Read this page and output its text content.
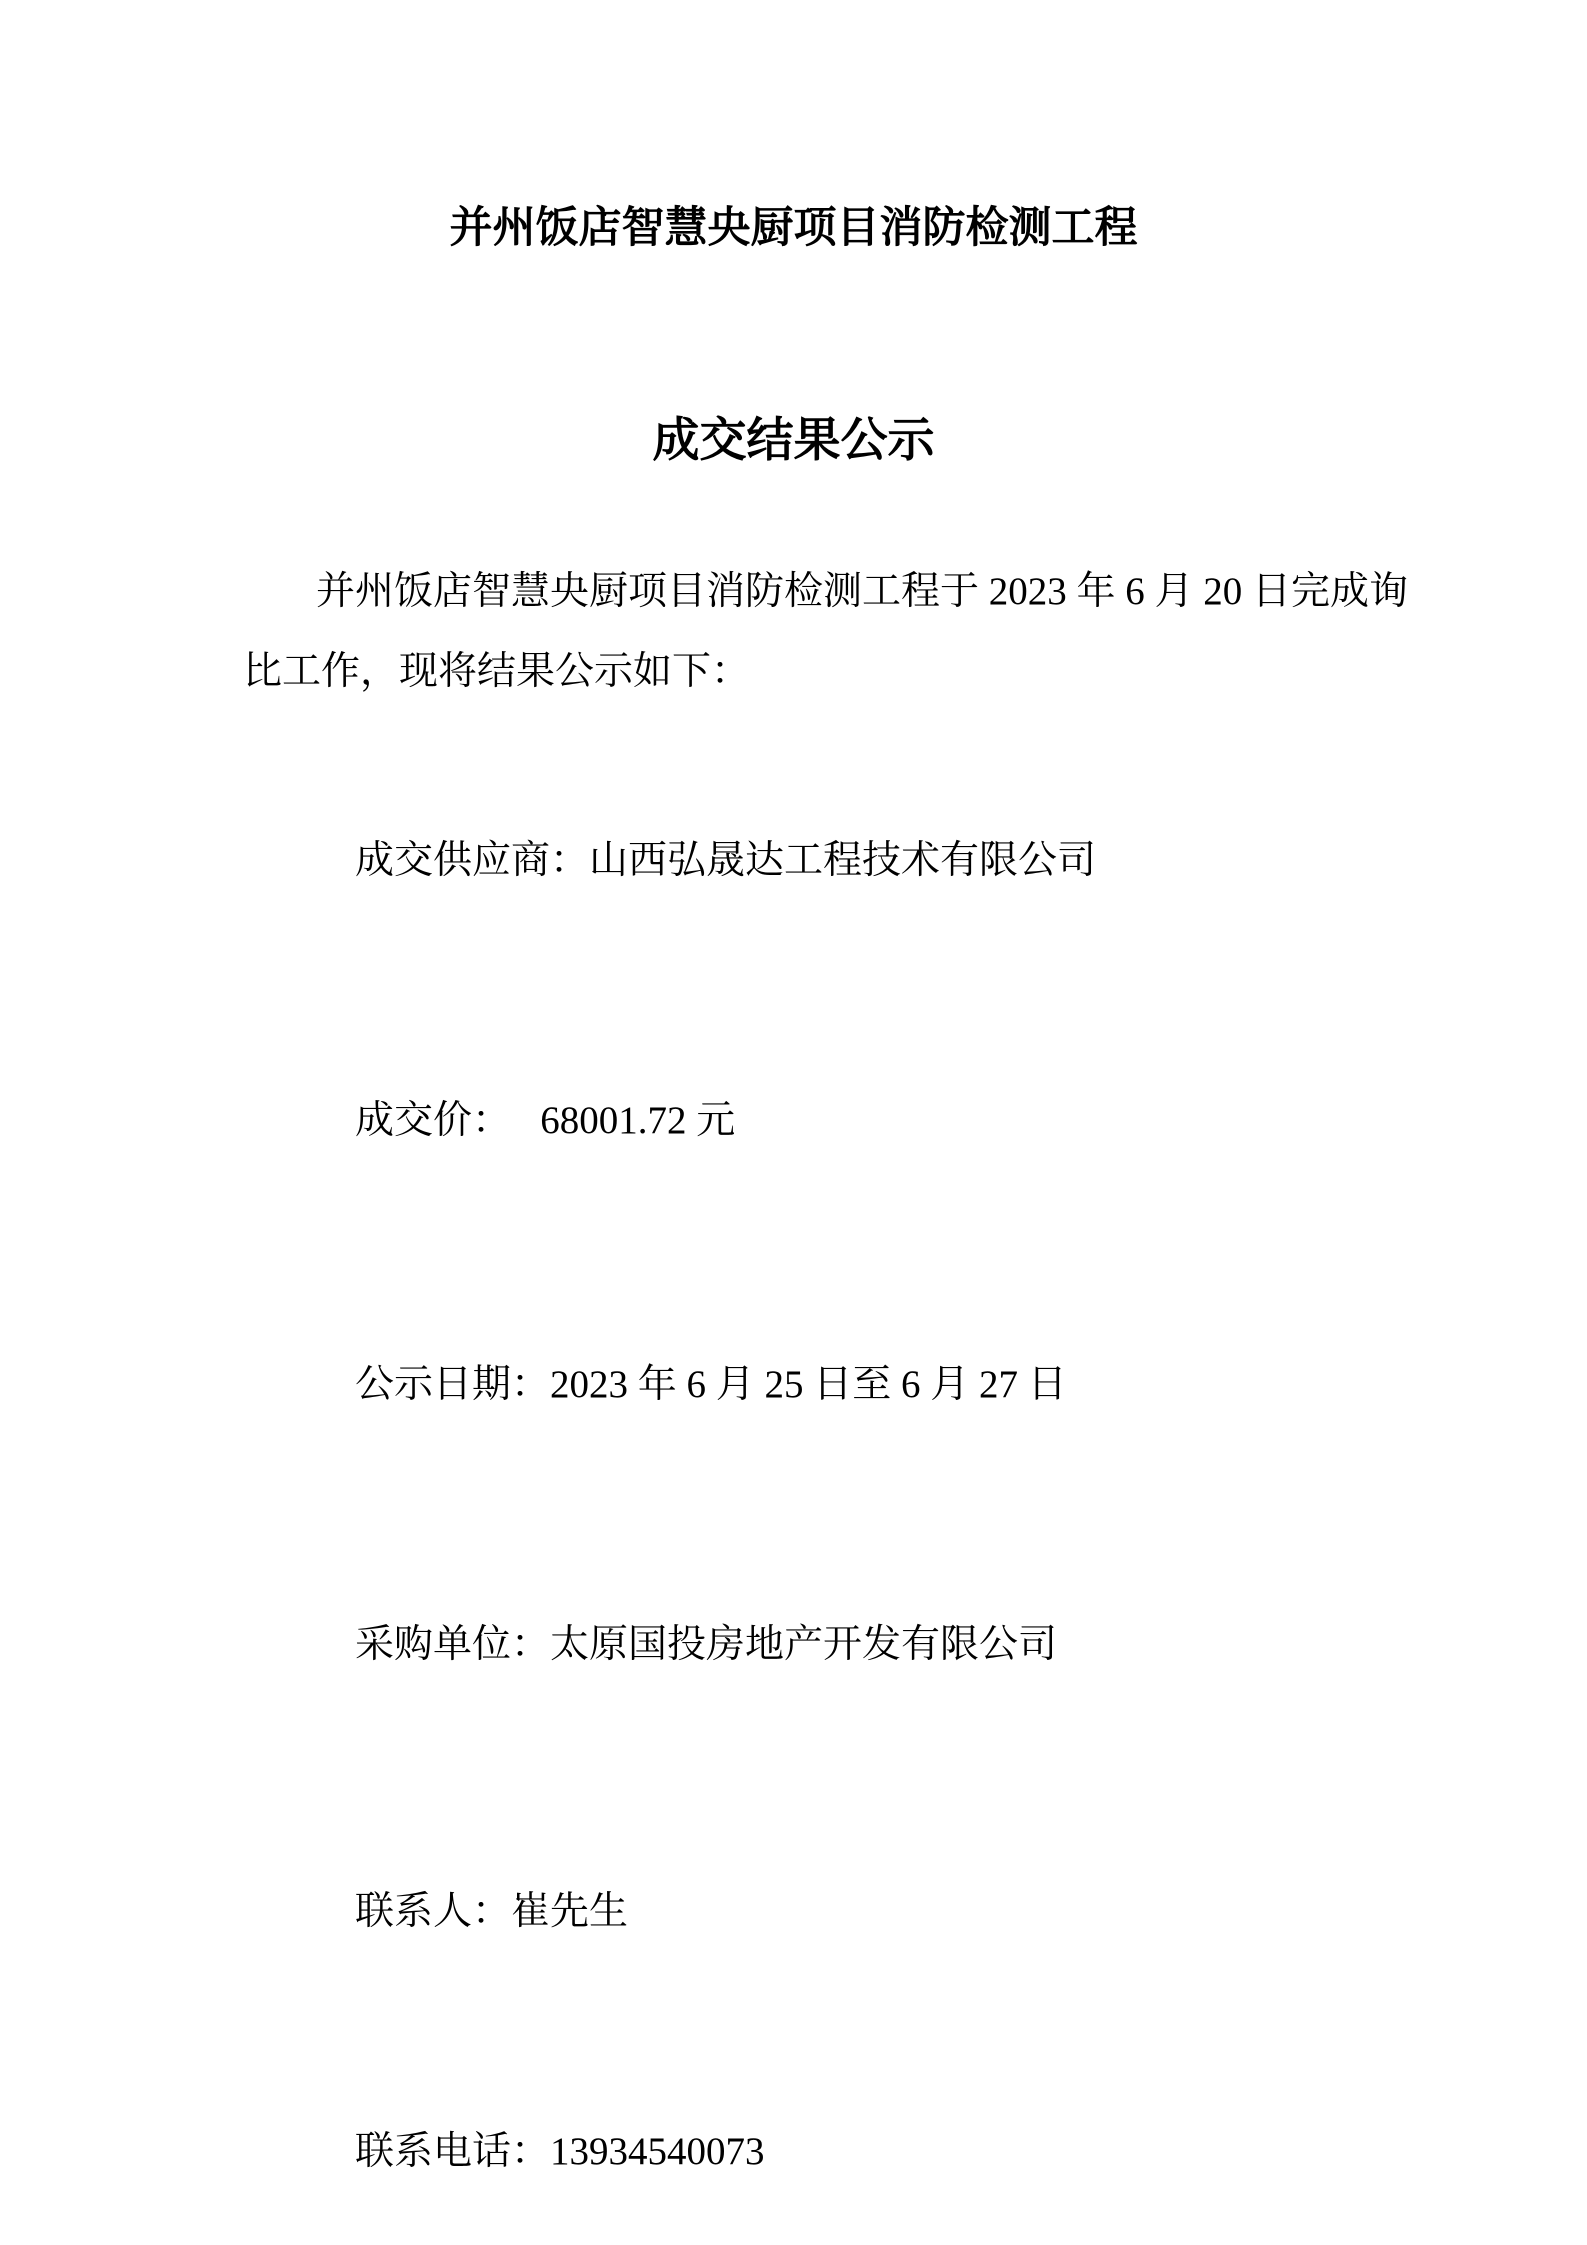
并州饭店智慧央厨项目消防检测工程
成交结果公示

并州饭店智慧央厨项目消防检测工程于 2023 年 6 月 20 日完成询
比工作，现将结果公示如下：

成交供应商：山西弘晟达工程技术有限公司

成交价：   68001.72 元

公示日期：2023 年 6 月 25 日至 6 月 27 日

采购单位：太原国投房地产开发有限公司

联系人：崔先生

联系电话：13934540073
